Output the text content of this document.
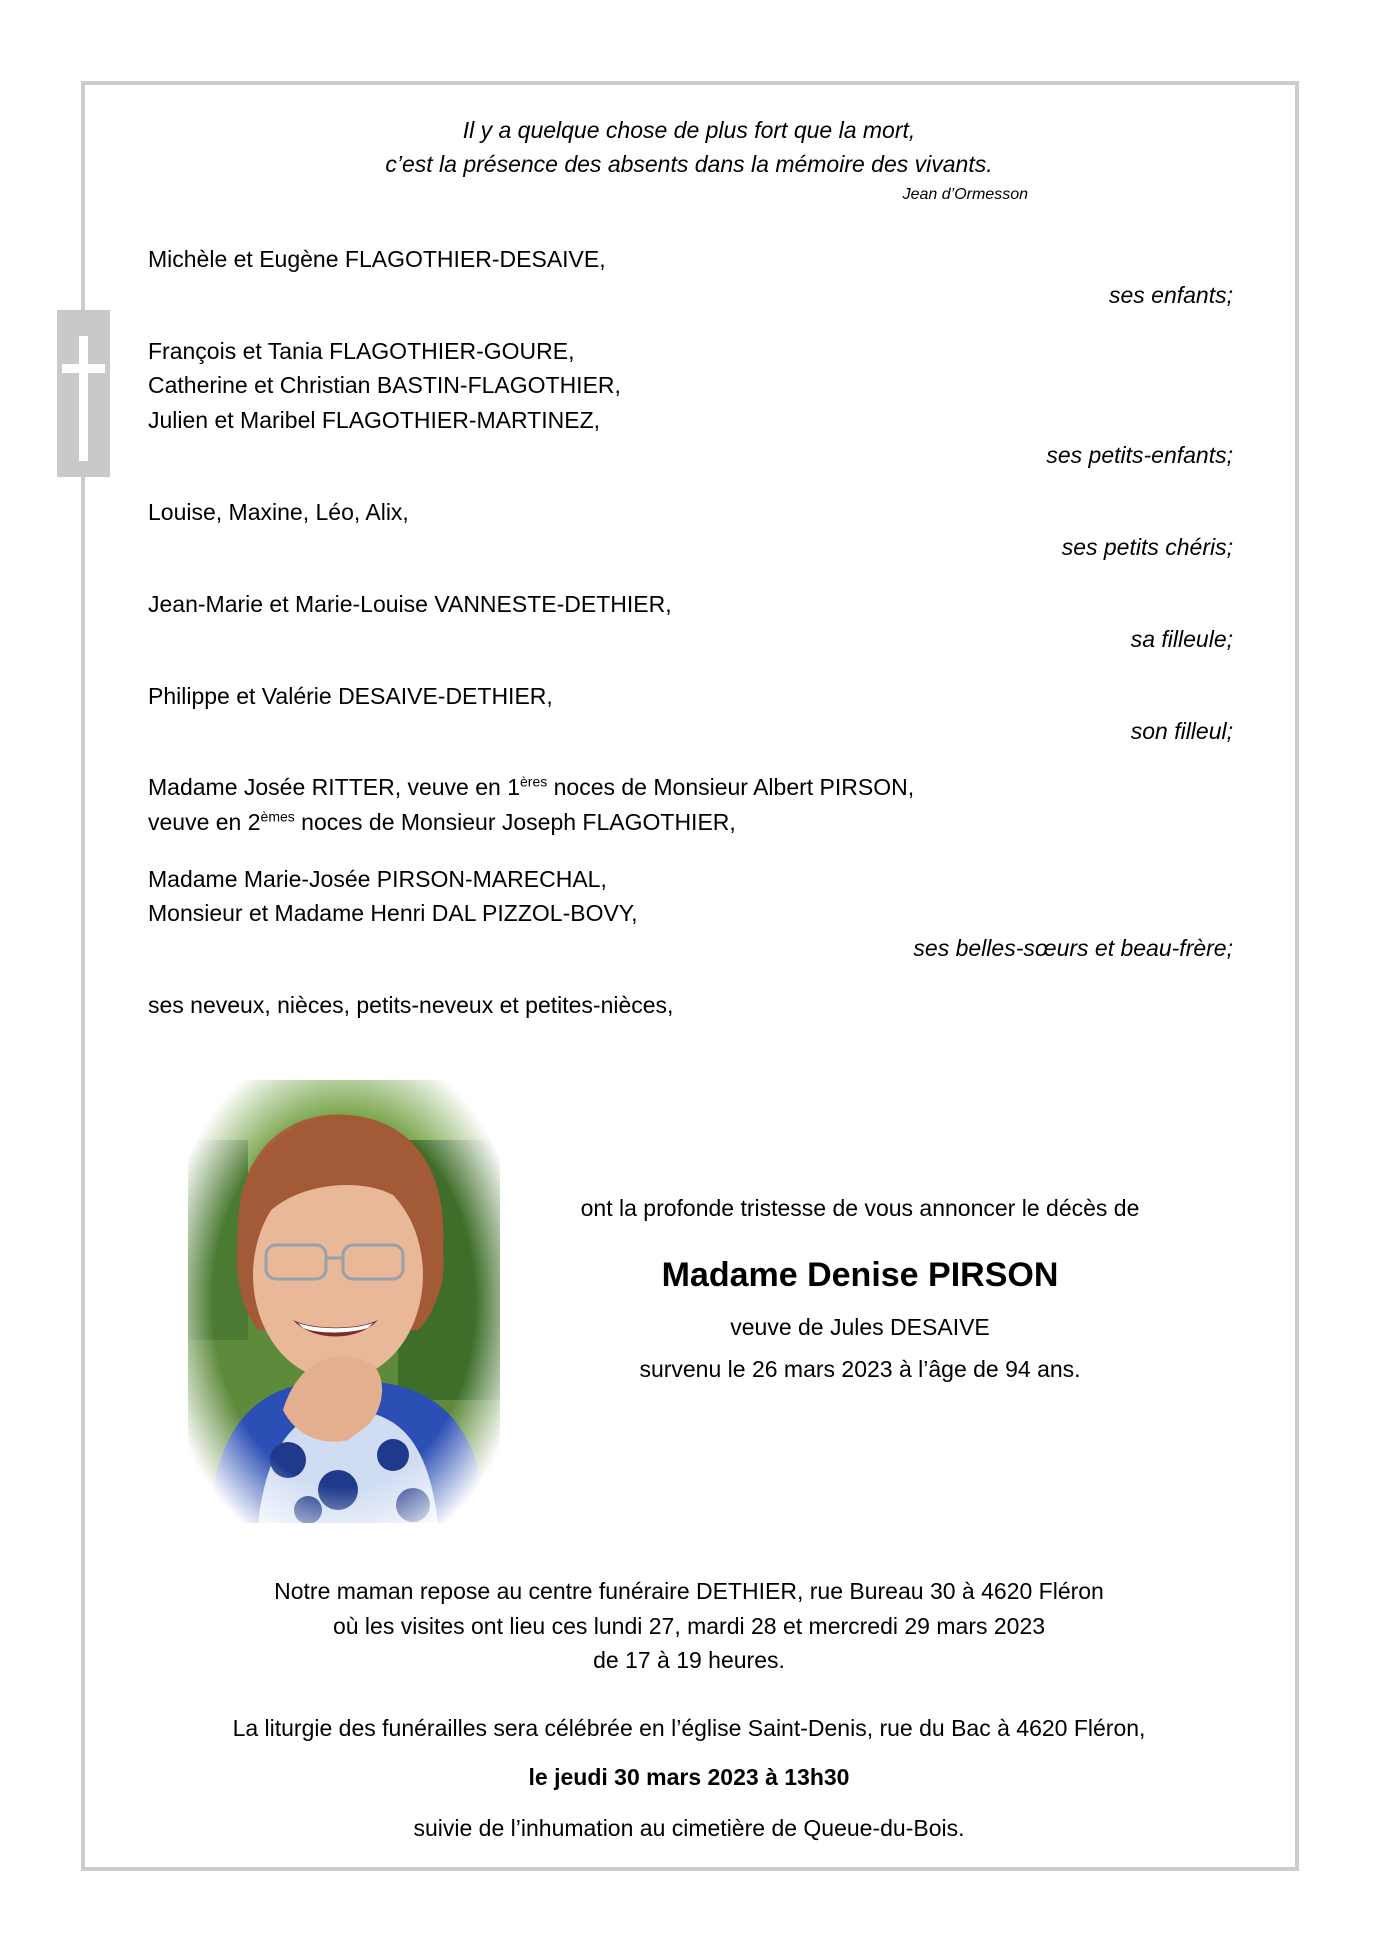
Il y a quelque chose de plus fort que la mort,
c’est la présence des absents dans la mémoire des vivants.
Jean d’Ormesson
Michèle et Eugène FLAGOTHIER-DESAIVE,
ses enfants;
François et Tania FLAGOTHIER-GOURE,
Catherine et Christian BASTIN-FLAGOTHIER,
Julien et Maribel FLAGOTHIER-MARTINEZ,
ses petits-enfants;
Louise, Maxine, Léo, Alix,
ses petits chéris;
Jean-Marie et Marie-Louise VANNESTE-DETHIER,
sa filleule;
Philippe et Valérie DESAIVE-DETHIER,
son filleul;
Madame Josée RITTER, veuve en 1ères noces de Monsieur Albert PIRSON,
veuve en 2èmes noces de Monsieur Joseph FLAGOTHIER,
Madame Marie-Josée PIRSON-MARECHAL,
Monsieur et Madame Henri DAL PIZZOL-BOVY,
ses belles-sœurs et beau-frère;
ses neveux, nièces, petits-neveux et petites-nièces,
ont la profonde tristesse de vous annoncer le décès de
Madame Denise PIRSON
veuve de Jules DESAIVE
survenu le 26 mars 2023 à l’âge de 94 ans.
Notre maman repose au centre funéraire DETHIER, rue Bureau 30 à 4620 Fléron
où les visites ont lieu ces lundi 27, mardi 28 et mercredi 29 mars 2023
de 17 à 19 heures.
La liturgie des funérailles sera célébrée en l’église Saint-Denis, rue du Bac à 4620 Fléron,
le jeudi 30 mars 2023 à 13h30
suivie de l’inhumation au cimetière de Queue-du-Bois.
